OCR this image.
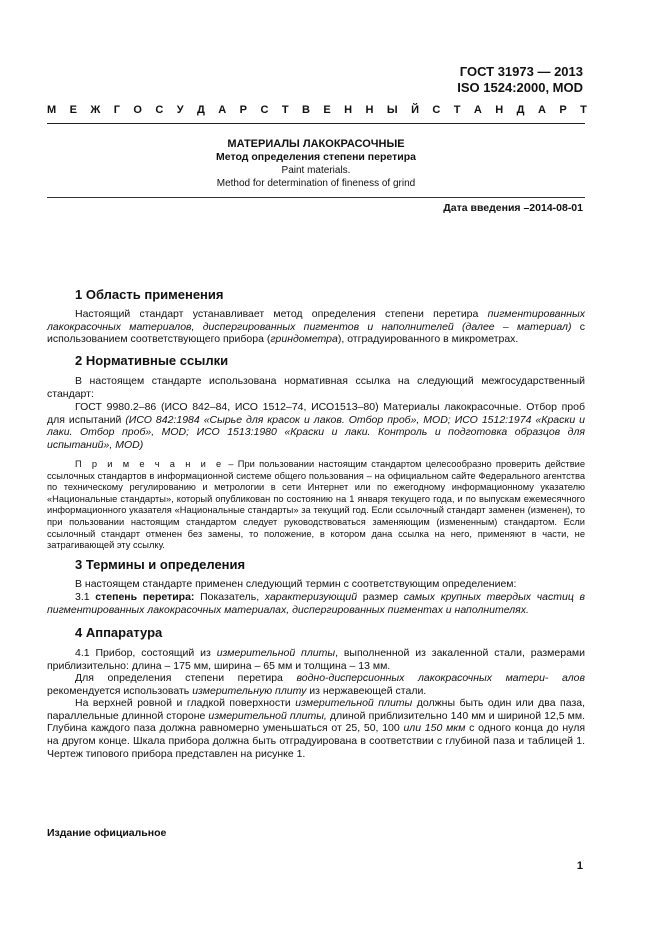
ГОСТ 31973 — 2013
ISO 1524:2000, MOD
М Е Ж Г О С У Д А Р С Т В Е Н Н Ы Й С Т А Н Д А Р Т
МАТЕРИАЛЫ ЛАКОКРАСОЧНЫЕ
Метод определения степени перетира
Paint materials.
Method for determination of fineness of grind
Дата введения –2014-08-01
1 Область применения
Настоящий стандарт устанавливает метод определения степени перетира пигментированных лакокрасочных материалов, диспергированных пигментов и наполнителей (далее – материал) с использованием соответствующего прибора (гриндометра), отградуированного в микрометрах.
2 Нормативные ссылки
В настоящем стандарте использована нормативная ссылка на следующий межгосударственный стандарт:
ГОСТ 9980.2–86 (ИСО 842–84, ИСО 1512–74, ИСО1513–80) Материалы лакокрасочные. Отбор проб для испытаний (ИСО 842:1984 «Сырье для красок и лаков. Отбор проб», MOD; ИСО 1512:1974 «Краски и лаки. Отбор проб», MOD; ИСО 1513:1980 «Краски и лаки. Контроль и подготовка образцов для испытаний», MOD)
П р и м е ч а н и е – При пользовании настоящим стандартом целесообразно проверить действие ссылочных стандартов в информационной системе общего пользования – на официальном сайте Федерального агентства по техническому регулированию и метрологии в сети Интернет или по ежегодному информационному указателю «Национальные стандарты», который опубликован по состоянию на 1 января текущего года, и по выпускам ежемесячного информационного указателя «Национальные стандарты» за текущий год. Если ссылочный стандарт заменен (изменен), то при пользовании настоящим стандартом следует руководствоваться заменяющим (измененным) стандартом. Если ссылочный стандарт отменен без замены, то положение, в котором дана ссылка на него, применяют в части, не затрагивающей эту ссылку.
3 Термины и определения
В настоящем стандарте применен следующий термин с соответствующим определением:
3.1 степень перетира: Показатель, характеризующий размер самых крупных твердых частиц в пигментированных лакокрасочных материалах, диспергированных пигментах и наполнителях.
4 Аппаратура
4.1 Прибор, состоящий из измерительной плиты, выполненной из закаленной стали, размерами приблизительно: длина – 175 мм, ширина – 65 мм и толщина – 13 мм.
Для определения степени перетира водно-дисперсионных лакокрасочных матери- алов рекомендуется использовать измерительную плиту из нержавеющей стали.
На верхней ровной и гладкой поверхности измерительной плиты должны быть один или два паза, параллельные длинной стороне измерительной плиты, длиной приблизительно 140 мм и шириной 12,5 мм. Глубина каждого паза должна равномерно уменьшаться от 25, 50, 100 или 150 мкм с одного конца до нуля на другом конце. Шкала прибора должна быть отградуирована в соответствии с глубиной паза и таблицей 1. Чертеж типового прибора представлен на рисунке 1.
Издание официальное
1
